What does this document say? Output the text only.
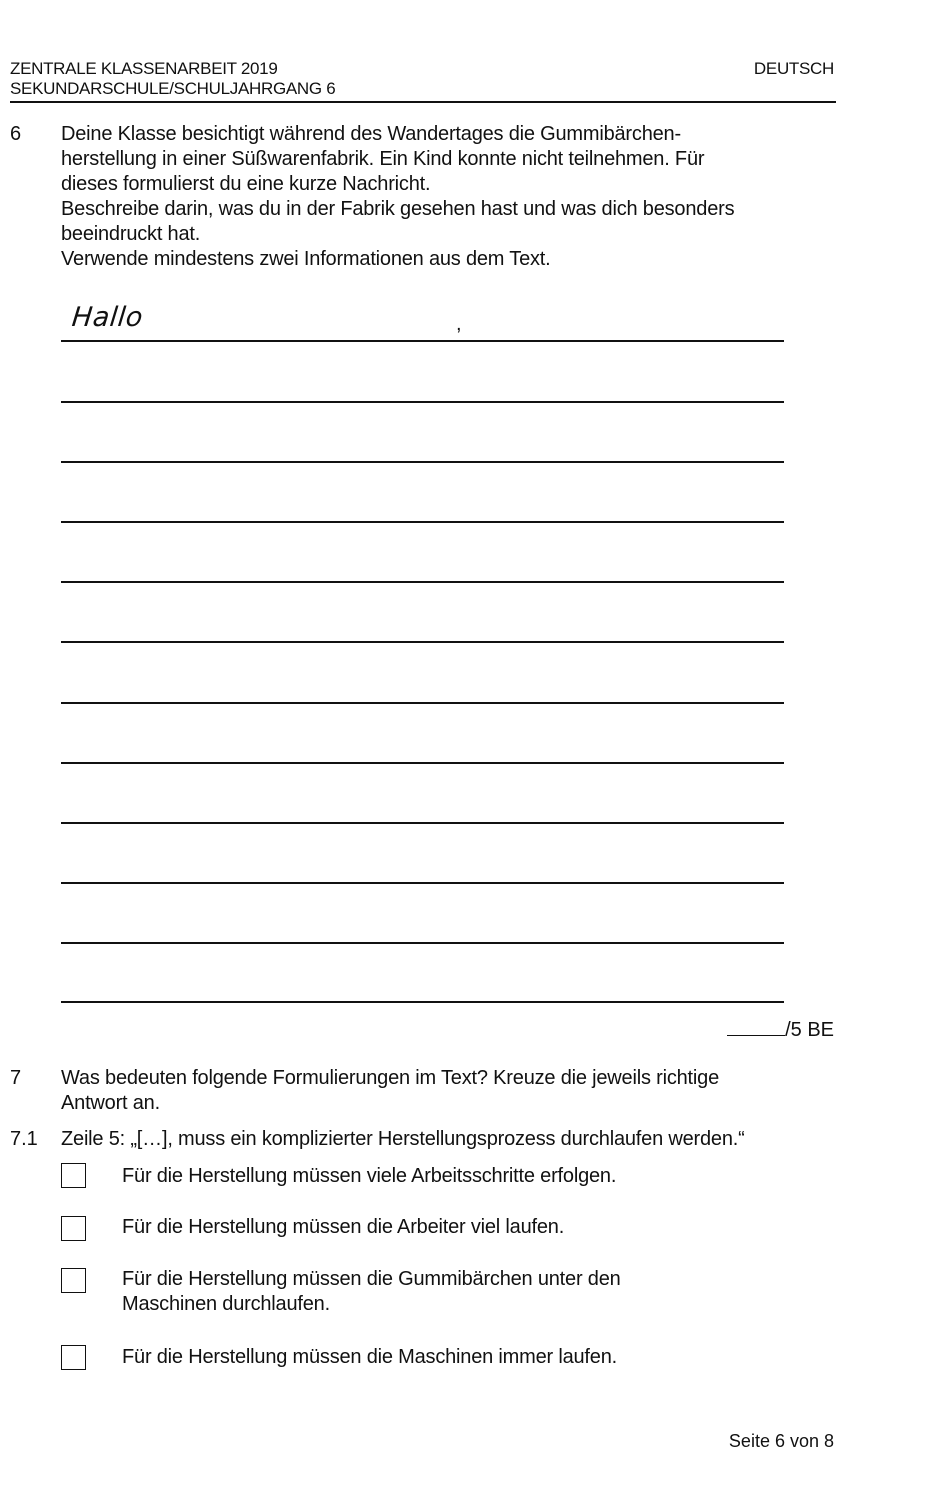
ZENTRALE KLASSENARBEIT 2019
SEKUNDARSCHULE/SCHULJAHRGANG 6
DEUTSCH
6 Deine Klasse besichtigt während des Wandertages die Gummibärchen-
herstellung in einer Süßwarenfabrik. Ein Kind konnte nicht teilnehmen. Für
dieses formulierst du eine kurze Nachricht.
Beschreibe darin, was du in der Fabrik gesehen hast und was dich besonders
beeindruckt hat.
Verwende mindestens zwei Informationen aus dem Text.
Hallo	,
/5 BE
7 Was bedeuten folgende Formulierungen im Text? Kreuze die jeweils richtige
Antwort an.
7.1 Zeile 5: „[…], muss ein komplizierter Herstellungsprozess durchlaufen werden.“
Für die Herstellung müssen viele Arbeitsschritte erfolgen.
Für die Herstellung müssen die Arbeiter viel laufen.
Für die Herstellung müssen die Gummibärchen unter den
Maschinen durchlaufen.
Für die Herstellung müssen die Maschinen immer laufen.
Seite 6 von 8
